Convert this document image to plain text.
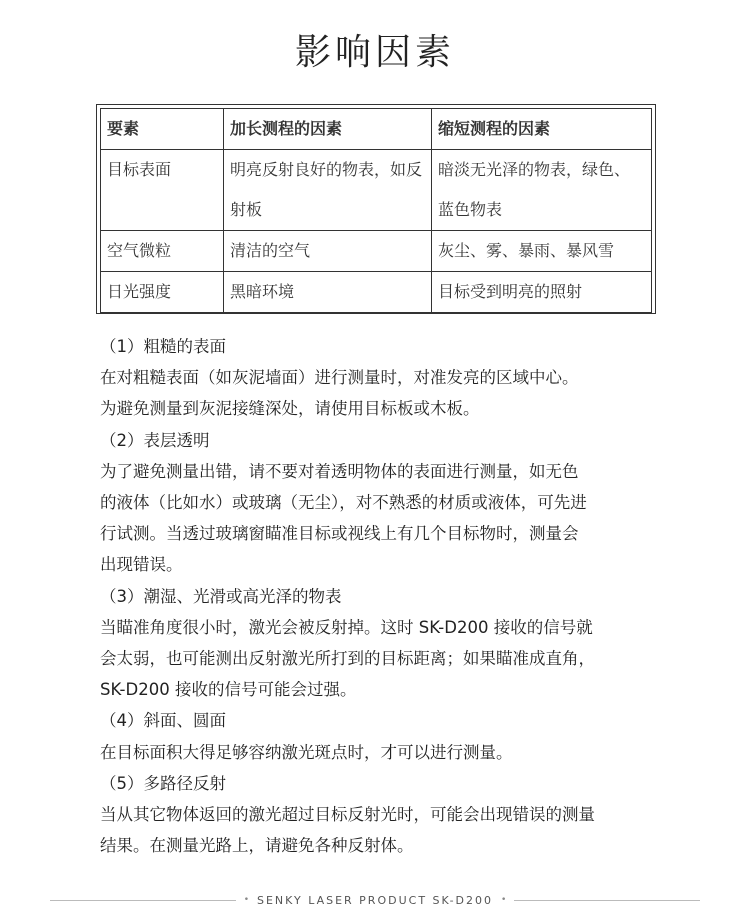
影响因素
要素	加长测程的因素	缩短测程的因素
目标表面	明亮反射良好的物表，如反射板	暗淡无光泽的物表，绿色、蓝色物表
空气微粒	清洁的空气	灰尘、雾、暴雨、暴风雪
日光强度	黑暗环境	目标受到明亮的照射

（1）粗糙的表面

在对粗糙表面（如灰泥墙面）进行测量时，对准发亮的区域中心。

为避免测量到灰泥接缝深处，请使用目标板或木板。

（2）表层透明

为了避免测量出错，请不要对着透明物体的表面进行测量，如无色

的液体（比如水）或玻璃（无尘），对不熟悉的材质或液体，可先进

行试测。当透过玻璃窗瞄准目标或视线上有几个目标物时，测量会

出现错误。

（3）潮湿、光滑或高光泽的物表

当瞄准角度很小时，激光会被反射掉。这时 SK-D200 接收的信号就

会太弱，也可能测出反射激光所打到的目标距离；如果瞄准成直角，

SK-D200 接收的信号可能会过强。

（4）斜面、圆面

在目标面积大得足够容纳激光斑点时，才可以进行测量。

（5）多路径反射

当从其它物体返回的激光超过目标反射光时，可能会出现错误的测量

结果。在测量光路上，请避免各种反射体。

• SENKY LASER PRODUCT SK-D200 •
